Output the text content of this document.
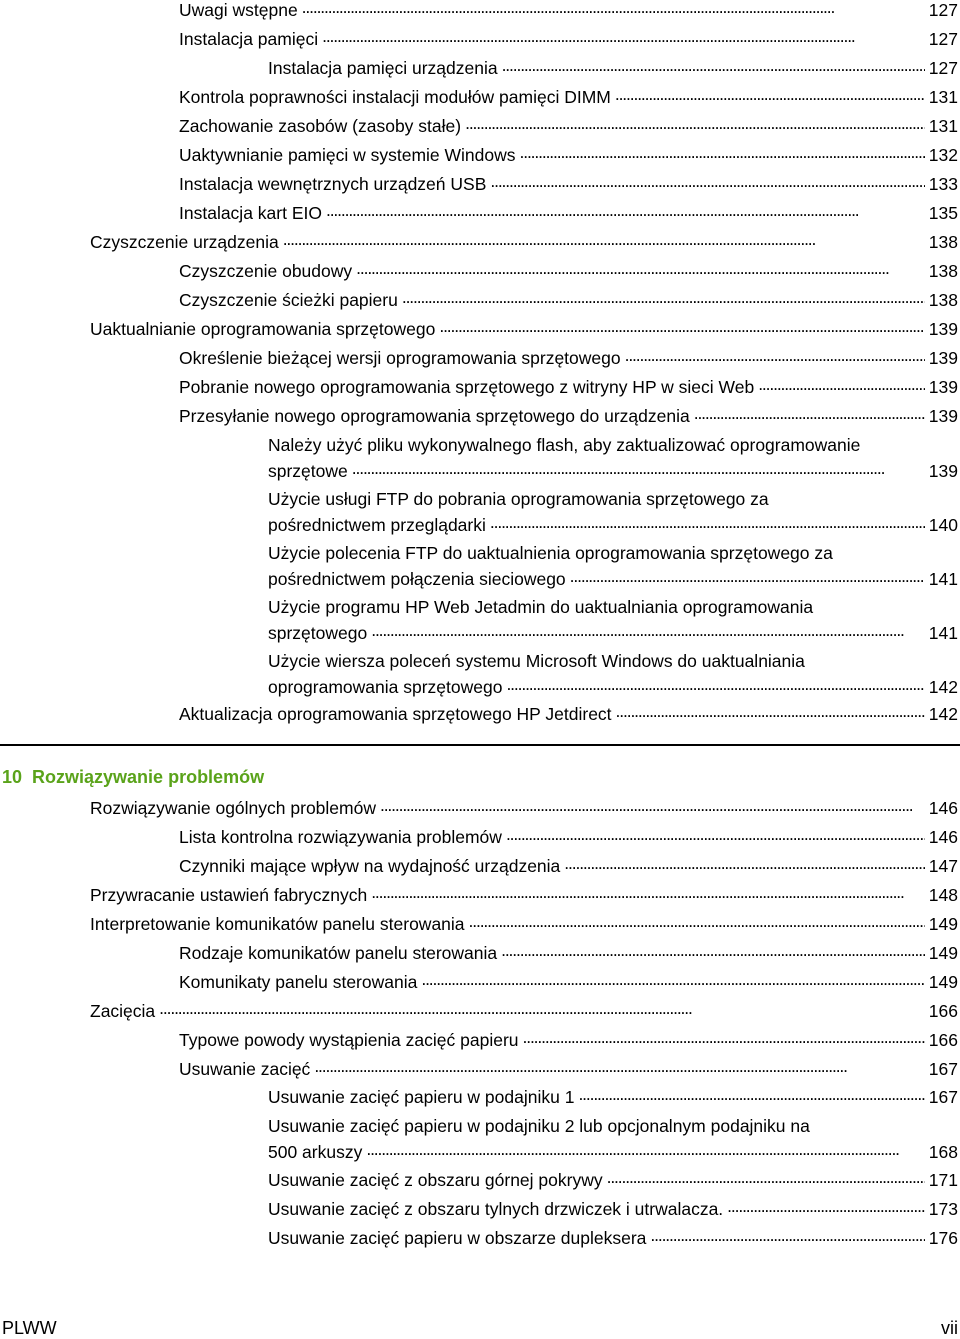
Uwagi wstępne . . .	127
Instalacja pamięci . . .	127
Instalacja pamięci urządzenia . . .	127
Kontrola poprawności instalacji modułów pamięci DIMM . . .	131
Zachowanie zasobów (zasoby stałe) . . .	131
Uaktywnianie pamięci w systemie Windows . . .	132
Instalacja wewnętrznych urządzeń USB . . .	133
Instalacja kart EIO . . .	135
Czyszczenie urządzenia . . .	138
Czyszczenie obudowy . . .	138
Czyszczenie ścieżki papieru . . .	138
Uaktualnianie oprogramowania sprzętowego . . .	139
Określenie bieżącej wersji oprogramowania sprzętowego . . .	139
Pobranie nowego oprogramowania sprzętowego z witryny HP w sieci Web . . .	139
Przesyłanie nowego oprogramowania sprzętowego do urządzenia . . .	139
Należy użyć pliku wykonywalnego flash, aby zaktualizować oprogramowanie
sprzętowe . . .	139
Użycie usługi FTP do pobrania oprogramowania sprzętowego za
pośrednictwem przeglądarki . . .	140
Użycie polecenia FTP do uaktualnienia oprogramowania sprzętowego za
pośrednictwem połączenia sieciowego . . .	141
Użycie programu HP Web Jetadmin do uaktualniania oprogramowania
sprzętowego . . .	141
Użycie wiersza poleceń systemu Microsoft Windows do uaktualniania
oprogramowania sprzętowego . . .	142
Aktualizacja oprogramowania sprzętowego HP Jetdirect . . .	142
10 Rozwiązywanie problemów
Rozwiązywanie ogólnych problemów . . .	146
Lista kontrolna rozwiązywania problemów . . .	146
Czynniki mające wpływ na wydajność urządzenia . . .	147
Przywracanie ustawień fabrycznych . . .	148
Interpretowanie komunikatów panelu sterowania . . .	149
Rodzaje komunikatów panelu sterowania . . .	149
Komunikaty panelu sterowania . . .	149
Zacięcia . . .	166
Typowe powody wystąpienia zacięć papieru . . .	166
Usuwanie zacięć . . .	167
Usuwanie zacięć papieru w podajniku 1 . . .	167
Usuwanie zacięć papieru w podajniku 2 lub opcjonalnym podajniku na
500 arkuszy . . .	168
Usuwanie zacięć z obszaru górnej pokrywy . . .	171
Usuwanie zacięć z obszaru tylnych drzwiczek i utrwalacza. . . .	173
Usuwanie zacięć papieru w obszarze dupleksera . . .	176
PLWW	vii
